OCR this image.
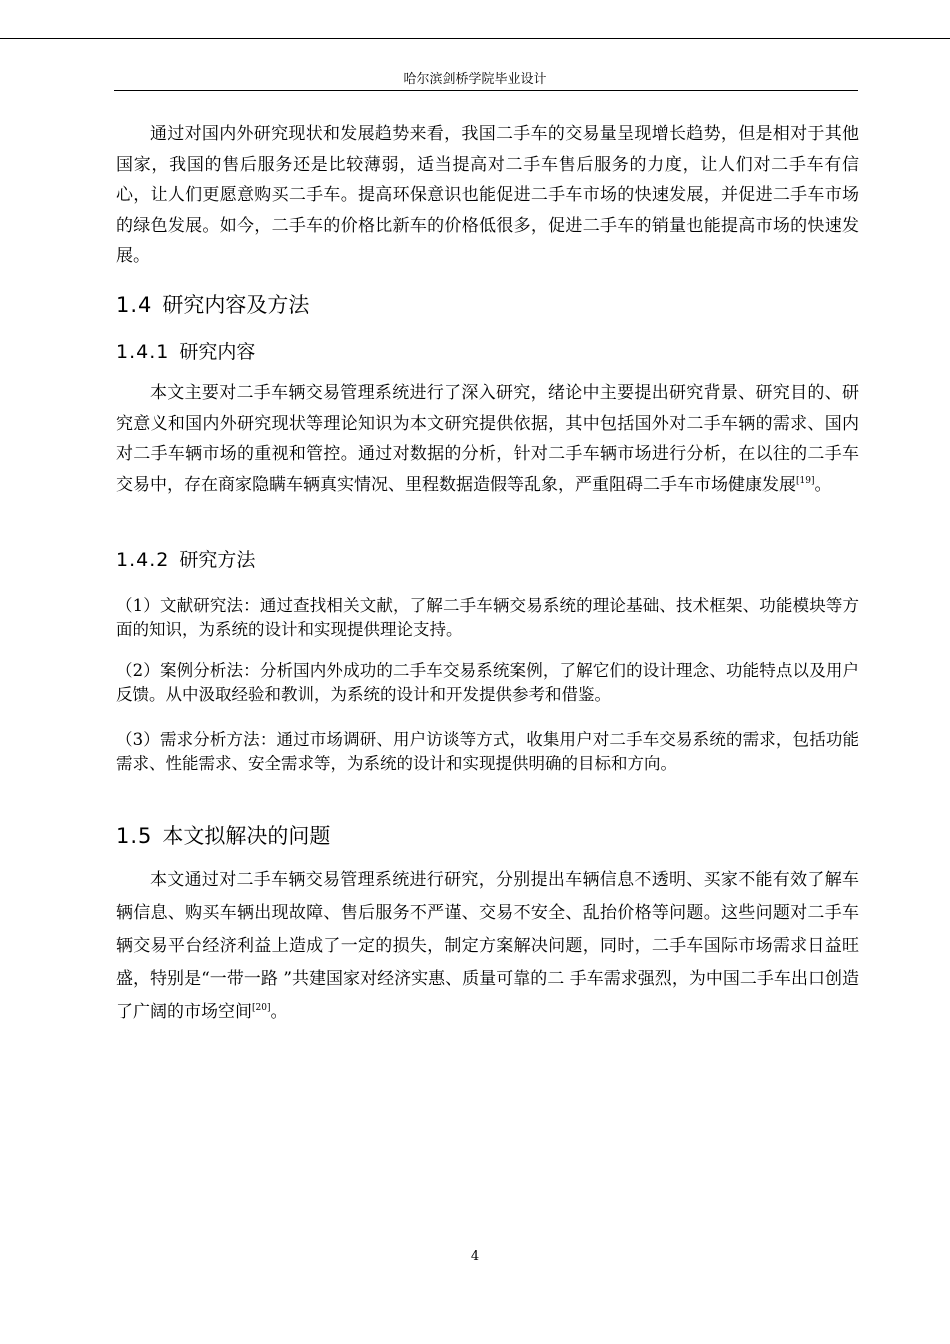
哈尔滨剑桥学院毕业设计

通过对国内外研究现状和发展趋势来看，我国二手车的交易量呈现增长趋势，但是相对于其他国家，我国的售后服务还是比较薄弱，适当提高对二手车售后服务的力度，让人们对二手车有信心，让人们更愿意购买二手车。提高环保意识也能促进二手车市场的快速发展，并促进二手车市场的绿色发展。如今，二手车的价格比新车的价格低很多，促进二手车的销量也能提高市场的快速发展。

1.4 研究内容及方法
1.4.1 研究内容

本文主要对二手车辆交易管理系统进行了深入研究，绪论中主要提出研究背景、研究目的、研究意义和国内外研究现状等理论知识为本文研究提供依据，其中包括国外对二手车辆的需求、国内对二手车辆市场的重视和管控。通过对数据的分析，针对二手车辆市场进行分析，在以往的二手车交易中，存在商家隐瞒车辆真实情况、里程数据造假等乱象，严重阻碍二手车市场健康发展[19]。

1.4.2 研究方法

（1）文献研究法：通过查找相关文献，了解二手车辆交易系统的理论基础、技术框架、功能模块等方面的知识，为系统的设计和实现提供理论支持。

（2）案例分析法：分析国内外成功的二手车交易系统案例，了解它们的设计理念、功能特点以及用户反馈。从中汲取经验和教训，为系统的设计和开发提供参考和借鉴。

（3）需求分析方法：通过市场调研、用户访谈等方式，收集用户对二手车交易系统的需求，包括功能需求、性能需求、安全需求等，为系统的设计和实现提供明确的目标和方向。

1.5 本文拟解决的问题

本文通过对二手车辆交易管理系统进行研究，分别提出车辆信息不透明、买家不能有效了解车辆信息、购买车辆出现故障、售后服务不严谨、交易不安全、乱抬价格等问题。这些问题对二手车辆交易平台经济利益上造成了一定的损失，制定方案解决问题，同时，二手车国际市场需求日益旺盛，特别是“一带一路 ”共建国家对经济实惠、质量可靠的二 手车需求强烈，为中国二手车出口创造了广阔的市场空间[20]。

4
